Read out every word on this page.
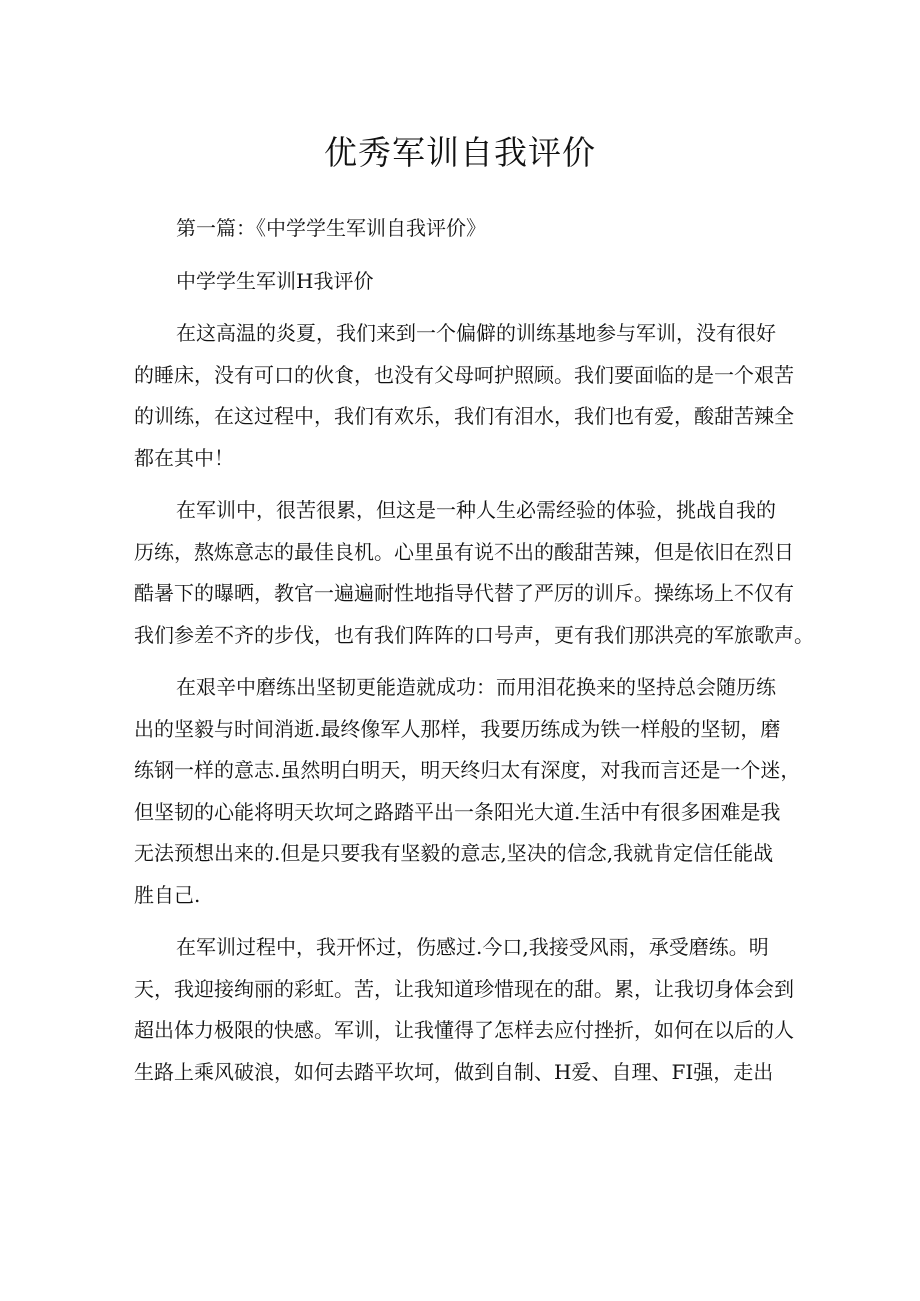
优秀军训自我评价
第一篇：《中学学生军训自我评价》
中学学生军训H我评价
在这高温的炎夏，我们来到一个偏僻的训练基地参与军训，没有很好
的睡床，没有可口的伙食，也没有父母呵护照顾。我们要面临的是一个艰苦
的训练，在这过程中，我们有欢乐，我们有泪水，我们也有爱，酸甜苦辣全
都在其中！
在军训中，很苦很累，但这是一种人生必需经验的体验，挑战自我的
历练，熬炼意志的最佳良机。心里虽有说不出的酸甜苦辣，但是依旧在烈日
酷暑下的曝晒，教官一遍遍耐性地指导代替了严厉的训斥。操练场上不仅有
我们参差不齐的步伐，也有我们阵阵的口号声，更有我们那洪亮的军旅歌声。
在艰辛中磨练出坚韧更能造就成功：而用泪花换来的坚持总会随历练
出的坚毅与时间消逝.最终像军人那样，我要历练成为铁一样般的坚韧，磨
练钢一样的意志.虽然明白明天，明天终归太有深度，对我而言还是一个迷，
但坚韧的心能将明天坎坷之路踏平出一条阳光大道.生活中有很多困难是我
无法预想出来的.但是只要我有坚毅的意志,坚决的信念,我就肯定信任能战
胜自己.
在军训过程中，我开怀过，伤感过.今口,我接受风雨，承受磨练。明
天，我迎接绚丽的彩虹。苦，让我知道珍惜现在的甜。累，让我切身体会到
超出体力极限的快感。军训，让我懂得了怎样去应付挫折，如何在以后的人
生路上乘风破浪，如何去踏平坎坷，做到自制、H爱、自理、FI强，走出
